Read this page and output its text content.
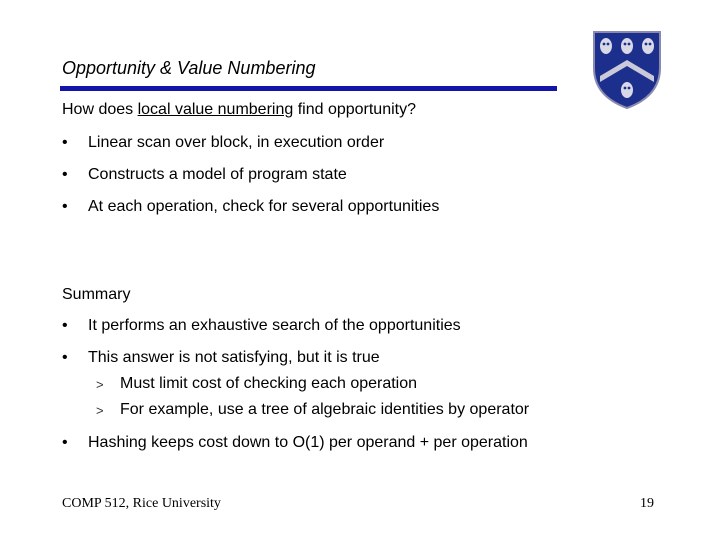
Opportunity & Value Numbering
How does local value numbering find opportunity?
•	Linear scan over block, in execution order
•	Constructs a model of program state
•	At each operation, check for several opportunities
Summary
•	It performs an exhaustive search of the opportunities
•	This answer is not satisfying, but it is true
>	Must limit cost of checking each operation
>	For example, use a tree of algebraic identities by operator
•	Hashing keeps cost down to O(1) per operand + per operation
COMP 512, Rice University	19
